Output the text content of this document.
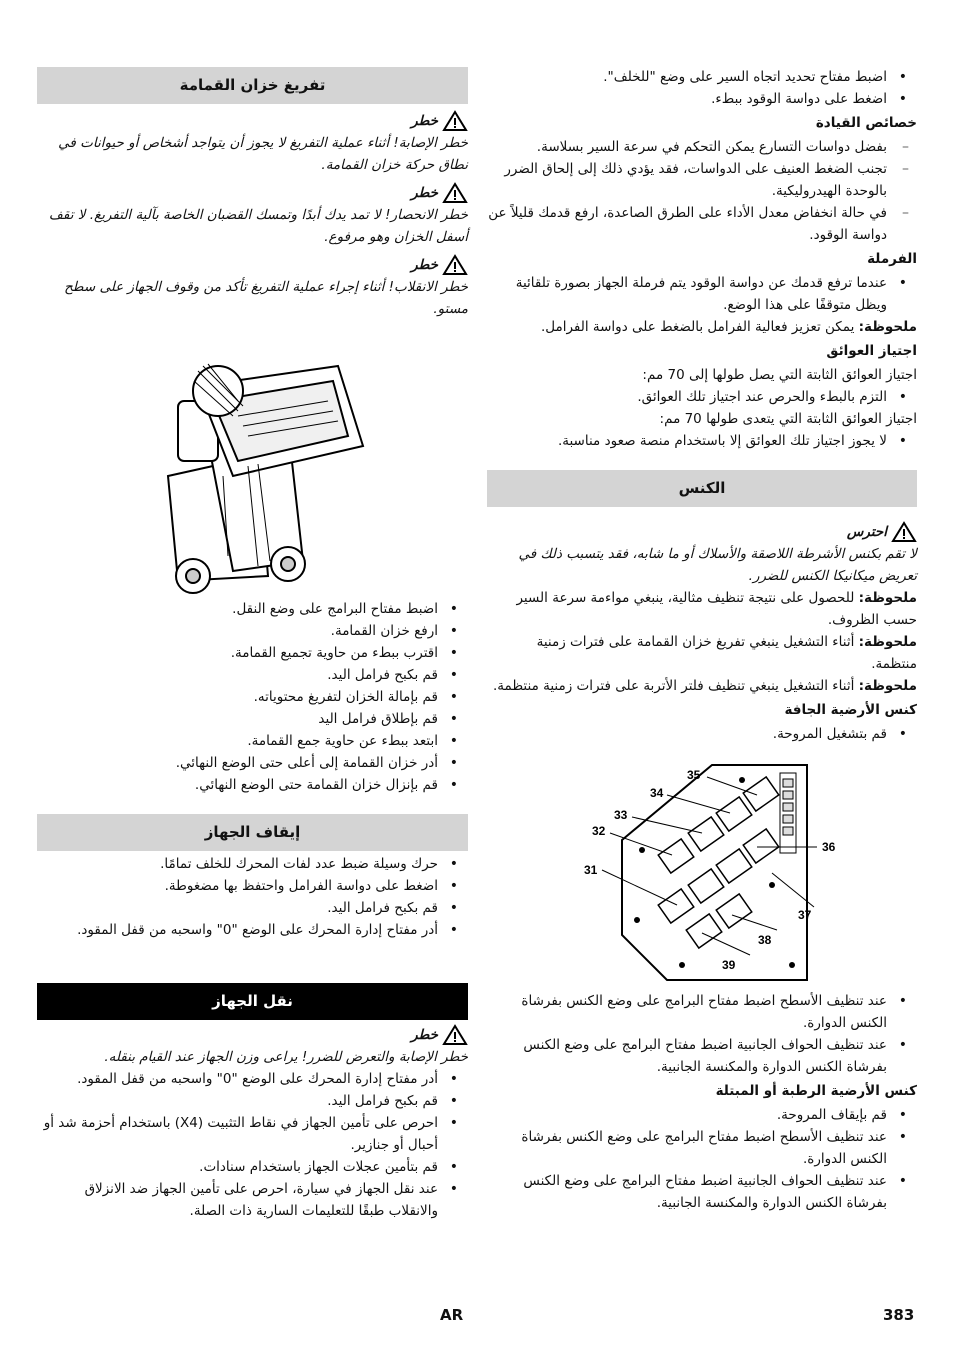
• اضبط مفتاح تحديد اتجاه السير على وضع "للخلف".
• اضغط على دواسة الوقود ببطء.
خصائص القيادة
– بفضل دواسات التسارع يمكن التحكم في سرعة السير بسلاسة.
– تجنب الضغط العنيف على الدواسات، فقد يؤدي ذلك إلى إلحاق الضرر بالوحدة الهيدروليكية.
– في حالة انخفاض معدل الأداء على الطرق الصاعدة، ارفع قدمك قليلاً عن دواسة الوقود.
الفرملة
• عندما ترفع قدمك عن دواسة الوقود يتم فرملة الجهاز بصورة تلقائية ويظل متوقفًا على هذا الوضع.
ملحوظة: يمكن تعزيز فعالية الفرامل بالضغط على دواسة الفرامل.
اجتياز العوائق
اجتياز العوائق الثابتة التي يصل طولها إلى 70 مم:
• التزم بالبطء والحرص عند اجتياز تلك العوائق.
اجتياز العوائق الثابتة التي يتعدى طولها 70 مم:
• لا يجوز اجتياز تلك العوائق إلا باستخدام منصة صعود مناسبة.
الكنس
احترس
لا تقم بكنس الأشرطة اللاصقة والأسلاك أو ما شابه، فقد يتسبب ذلك في تعريض ميكانيكا الكنس للضرر.
ملحوظة: للحصول على نتيجة تنظيف مثالية، ينبغي مواءمة سرعة السير حسب الظروف.
ملحوظة: أثناء التشغيل ينبغي تفريغ خزان القمامة على فترات زمنية منتظمة.
ملحوظة: أثناء التشغيل ينبغي تنظيف فلتر الأتربة على فترات زمنية منتظمة.
كنس الأرضية الجافة
• قم بتشغيل المروحة.
31
32
33
34
35
36
37
38
39
• عند تنظيف الأسطح اضبط مفتاح البرامج على وضع الكنس بفرشاة الكنس الدوارة.
• عند تنظيف الحواف الجانبية اضبط مفتاح البرامج على وضع الكنس بفرشاة الكنس الدوارة والمكنسة الجانبية.
كنس الأرضية الرطبة أو المبتلة
• قم بإيقاف المروحة.
• عند تنظيف الأسطح اضبط مفتاح البرامج على وضع الكنس بفرشاة الكنس الدوارة.
• عند تنظيف الحواف الجانبية اضبط مفتاح البرامج على وضع الكنس بفرشاة الكنس الدوارة والمكنسة الجانبية.
تفريغ خزان القمامة
خطر
خطر الإصابة! أثناء عملية التفريغ لا يجوز أن يتواجد أشخاص أو حيوانات في نطاق حركة خزان القمامة.
خطر
خطر الانحصار! لا تمد يدك أبدًا وتمسك القضبان الخاصة بآلية التفريغ. لا تقف أسفل الخزان وهو مرفوع.
خطر
خطر الانقلاب! أثناء إجراء عملية التفريغ تأكد من وقوف الجهاز على سطح مستو.
• اضبط مفتاح البرامج على وضع النقل.
• ارفع خزان القمامة.
• اقترب ببطء من حاوية تجميع القمامة.
• قم بكبح فرامل اليد.
• قم بإمالة الخزان لتفريغ محتوياته.
• قم بإطلاق فرامل اليد
• ابتعد ببطء عن حاوية جمع القمامة.
• أدر خزان القمامة إلى أعلى حتى الوضع النهائي.
• قم بإنزال خزان القمامة حتى الوضع النهائي.
إيقاف الجهاز
• حرك وسيلة ضبط عدد لفات المحرك للخلف تمامًا.
• اضغط على دواسة الفرامل واحتفظ بها مضغوطة.
• قم بكبح فرامل اليد.
• أدر مفتاح إدارة المحرك على الوضع "0" واسحبه من قفل المقود.
نقل الجهاز
خطر
خطر الإصابة والتعرض للضرر! يراعى وزن الجهاز عند القيام بنقله.
• أدر مفتاح إدارة المحرك على الوضع "0" واسحبه من قفل المقود.
• قم بكبح فرامل اليد.
• احرص على تأمين الجهاز في نقاط التثبيت (X4) باستخدام أحزمة شد أو أحبال أو جنازير.
• قم بتأمين عجلات الجهاز باستخدام سنادات.
• عند نقل الجهاز في سيارة، احرص على تأمين الجهاز ضد الانزلاق والانقلاب طبقًا للتعليمات السارية ذات الصلة.
AR	383
